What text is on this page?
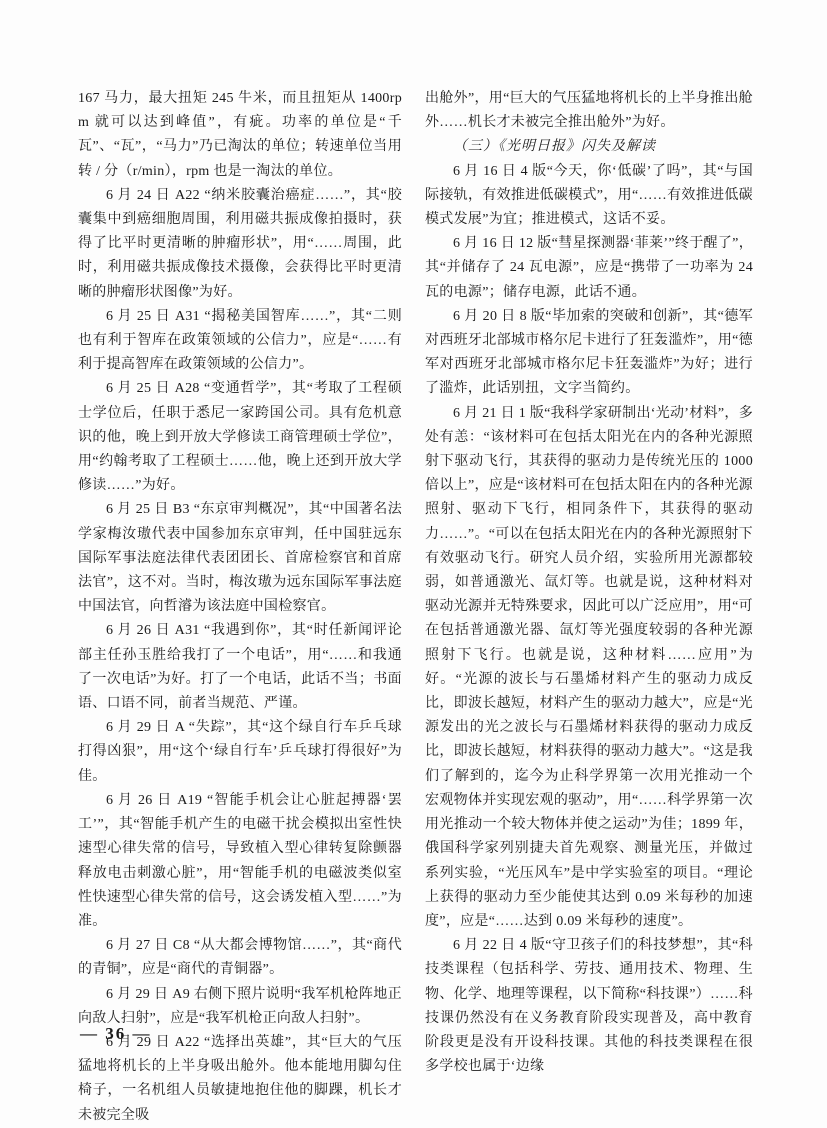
167 马力，最大扭矩 245 牛米，而且扭矩从 1400rpm 就可以达到峰值”，有疵。功率的单位是“千瓦”、“瓦”，“马力”乃已淘汰的单位；转速单位当用转 / 分（r/min），rpm 也是一淘汰的单位。

6 月 24 日 A22 “纳米胶囊治癌症……”，其“胶囊集中到癌细胞周围，利用磁共振成像拍摄时，获得了比平时更清晰的肿瘤形状”，用“……周围，此时，利用磁共振成像技术摄像，会获得比平时更清晰的肿瘤形状图像”为好。

6 月 25 日 A31 “揭秘美国智库……”，其“二则也有利于智库在政策领域的公信力”，应是“……有利于提高智库在政策领域的公信力”。

6 月 25 日 A28 “变通哲学”，其“考取了工程硕士学位后，任职于悉尼一家跨国公司。具有危机意识的他，晚上到开放大学修读工商管理硕士学位”，用“约翰考取了工程硕士……他，晚上还到开放大学修读……”为好。

6 月 25 日 B3 “东京审判概况”，其“中国著名法学家梅汝璈代表中国参加东京审判，任中国驻远东国际军事法庭法律代表团团长、首席检察官和首席法官”，这不对。当时，梅汝璈为远东国际军事法庭中国法官，向哲濬为该法庭中国检察官。

6 月 26 日 A31 “我遇到你”，其“时任新闻评论部主任孙玉胜给我打了一个电话”，用“……和我通了一次电话”为好。打了一个电话，此话不当；书面语、口语不同，前者当规范、严谨。

6 月 29 日 A “失踪”，其“这个绿自行车乒乓球打得凶狠”，用“这个‘绿自行车’乒乓球打得很好”为佳。

6 月 26 日 A19 “智能手机会让心脏起搏器‘罢工’”，其“智能手机产生的电磁干扰会模拟出室性快速型心律失常的信号，导致植入型心律转复除颤器释放电击刺激心脏”，用“智能手机的电磁波类似室性快速型心律失常的信号，这会诱发植入型……”为准。

6 月 27 日 C8 “从大都会博物馆……”，其“商代的青铜”，应是“商代的青铜器”。

6 月 29 日 A9 右侧下照片说明“我军机枪阵地正向敌人扫射”，应是“我军机枪正向敌人扫射”。

6 月 29 日 A22 “选择出英雄”，其“巨大的气压猛地将机长的上半身吸出舱外。他本能地用脚勾住椅子，一名机组人员敏捷地抱住他的脚踝，机长才未被完全吸

出舱外”，用“巨大的气压猛地将机长的上半身推出舱外……机长才未被完全推出舱外”为好。

（三）《光明日报》闪失及解读

6 月 16 日 4 版“今天，你‘低碳’了吗”，其“与国际接轨，有效推进低碳模式”，用“……有效推进低碳模式发展”为宜；推进模式，这话不妥。

6 月 16 日 12 版“彗星探测器‘菲莱’”终于醒了”，其“并储存了 24 瓦电源”，应是“携带了一功率为 24 瓦的电源”；储存电源，此话不通。

6 月 20 日 8 版“毕加索的突破和创新”，其“德军对西班牙北部城市格尔尼卡进行了狂轰滥炸”，用“德军对西班牙北部城市格尔尼卡狂轰滥炸”为好；进行了滥炸，此话别扭，文字当简约。

6 月 21 日 1 版“我科学家研制出‘光动’材料”，多处有恙：“该材料可在包括太阳光在内的各种光源照射下驱动飞行，其获得的驱动力是传统光压的 1000 倍以上”，应是“该材料可在包括太阳在内的各种光源照射、驱动下飞行，相同条件下，其获得的驱动力……”。“可以在包括太阳光在内的各种光源照射下有效驱动飞行。研究人员介绍，实验所用光源都较弱，如普通激光、氙灯等。也就是说，这种材料对驱动光源并无特殊要求，因此可以广泛应用”，用“可在包括普通激光器、氙灯等光强度较弱的各种光源照射下飞行。也就是说，这种材料……应用”为好。“光源的波长与石墨烯材料产生的驱动力成反比，即波长越短，材料产生的驱动力越大”，应是“光源发出的光之波长与石墨烯材料获得的驱动力成反比，即波长越短，材料获得的驱动力越大”。“这是我们了解到的，迄今为止科学界第一次用光推动一个宏观物体并实现宏观的驱动”，用“……科学界第一次用光推动一个较大物体并使之运动”为佳；1899 年，俄国科学家列别捷夫首先观察、测量光压，并做过系列实验，“光压风车”是中学实验室的项目。“理论上获得的驱动力至少能使其达到 0.09 米每秒的加速度”，应是“……达到 0.09 米每秒的速度”。

6 月 22 日 4 版“守卫孩子们的科技梦想”，其“科技类课程（包括科学、劳技、通用技术、物理、生物、化学、地理等课程，以下简称“科技课”）……科技课仍然没有在义务教育阶段实现普及，高中教育阶段更是没有开设科技课。其他的科技类课程在很多学校也属于‘边缘

— 36 —
